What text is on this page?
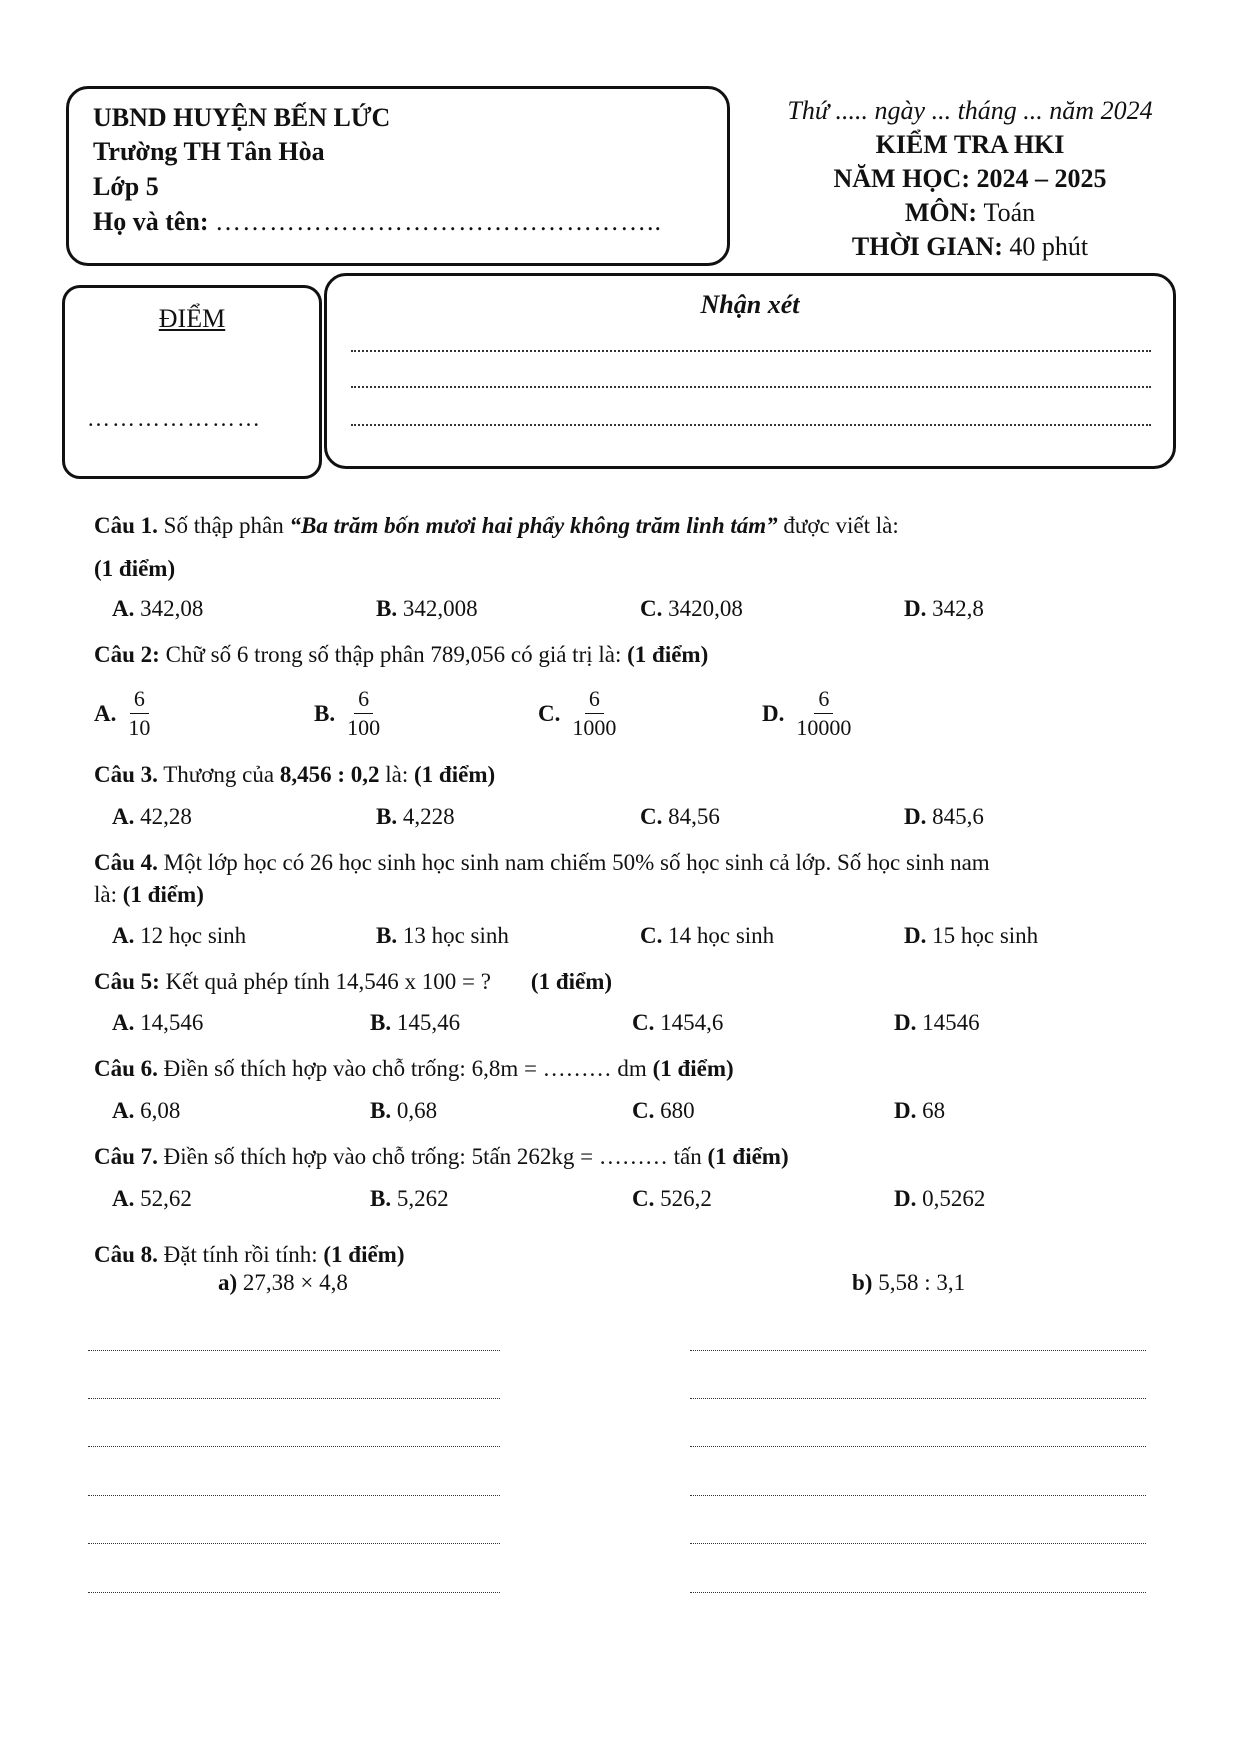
UBND HUYỆN BẾN LỨC
Trường TH Tân Hòa
Lớp 5
Họ và tên: …………………………………………..
Thứ ..... ngày ... tháng ... năm 2024
KIỂM TRA HKI
NĂM HỌC: 2024 – 2025
MÔN: Toán
THỜI GIAN: 40 phút
ĐIỂM
…………………
Nhận xét
Câu 1. Số thập phân “Ba trăm bốn mươi hai phẩy không trăm linh tám” được viết là:
(1 điểm)
A. 342,08	B. 342,008	C. 3420,08	D. 342,8
Câu 2: Chữ số 6 trong số thập phân 789,056 có giá trị là: (1 điểm)
A. $\frac{6}{10}$	B. $\frac{6}{100}$	C. $\frac{6}{1000}$	D. $\frac{6}{10000}$
Câu 3. Thương của 8,456 : 0,2 là: (1 điểm)
A. 42,28	B. 4,228	C. 84,56	D. 845,6
Câu 4. Một lớp học có 26 học sinh học sinh nam chiếm 50% số học sinh cả lớp. Số học sinh nam
là: (1 điểm)
A. 12 học sinh	B. 13 học sinh	C. 14 học sinh	D. 15 học sinh
Câu 5: Kết quả phép tính 14,546 x 100 = ? (1 điểm)
A. 14,546	B. 145,46	C. 1454,6	D. 14546
Câu 6. Điền số thích hợp vào chỗ trống: 6,8m = ……… dm (1 điểm)
A. 6,08	B. 0,68	C. 680	D. 68
Câu 7. Điền số thích hợp vào chỗ trống: 5tấn 262kg = ……… tấn (1 điểm)
A. 52,62	B. 5,262	C. 526,2	D. 0,5262
Câu 8. Đặt tính rồi tính: (1 điểm)
a) 27,38 × 4,8	b) 5,58 : 3,1
